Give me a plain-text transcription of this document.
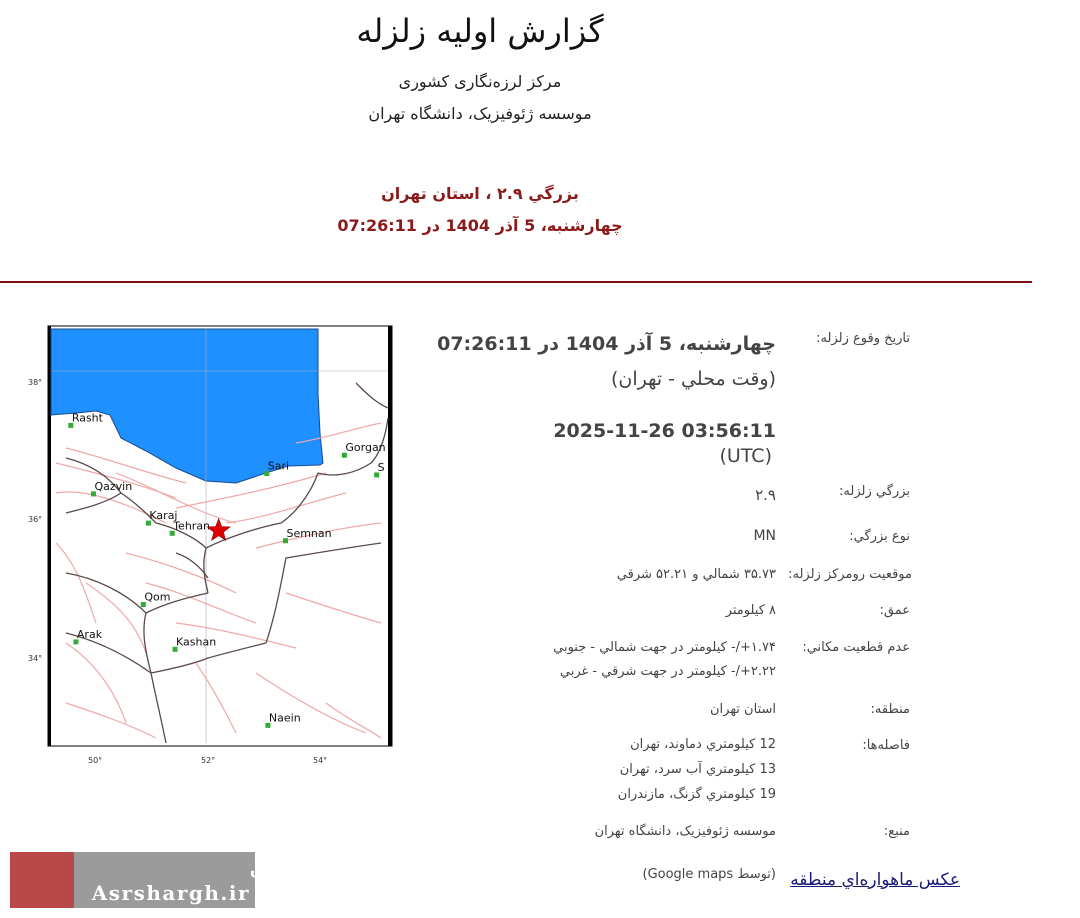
گزارش اولیه زلزله
مرکز لرزه‌نگاری کشوری
موسسه ژئوفیزیک، دانشگاه تهران
بزرگي ۲.۹ ، استان تهران
چهارشنبه، 5 آذر 1404 در 07:26:11
38°
36°
34°
50°	52°	54°
Rasht
Gorgan
Sari	S
Qazvin
Karaj
Tehran
Semnan
Qom
Arak
Kashan
Naein
تاريخ وقوع زلزله:
چهارشنبه، 5 آذر 1404 در 07:26:11
(وقت محلي - تهران)
2025-11-26 03:56:11
(UTC)
بزرگي زلزله:
۲.۹
نوع بزرگي:
MN
موقعيت رومركز زلزله:
۳۵.۷۳ شمالي و ۵۲.۲۱ شرقي
عمق:
۸ کيلومتر
عدم قطعيت مکاني:
۱.۷۴+/- کيلومتر در جهت شمالي - جنوبي
۲.۲۲+/- کيلومتر در جهت شرقي - غربي
منطقه:
استان تهران
فاصله‌ها:
12 کيلومتري دماوند، تهران
13 کيلومتري آب سرد، تهران
19 کيلومتري گزنگ، مازندران
منبع:
موسسه ژئوفيزيک، دانشگاه تهران
عكس ماهواره‌اي منطقه
(توسط Google maps)
پايگاه خبری عصر شرق
Asrshargh.ir
